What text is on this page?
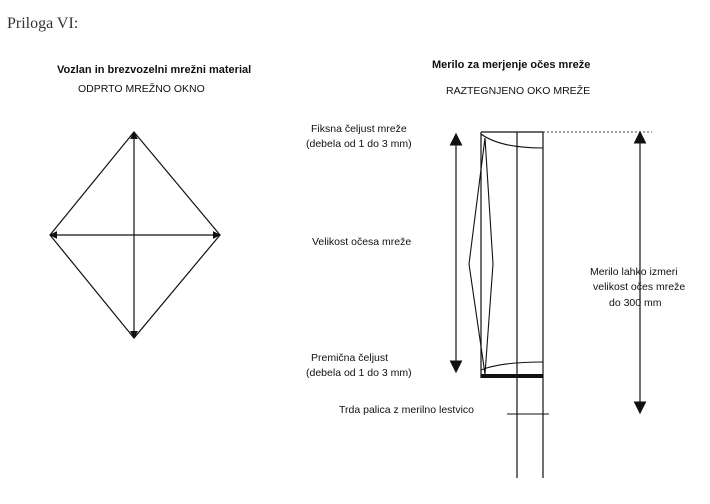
Priloga VI:
Vozlan in brezvozelni mrežni material
ODPRTO MREŽNO OKNO
Merilo za merjenje očes mreže
RAZTEGNJENO OKO MREŽE
Fiksna čeljust mreže
(debela od 1 do 3 mm)
Velikost očesa mreže
Premična čeljust
(debela od 1 do 3 mm)
Trda palica z merilno lestvico
Merilo lahko izmeri
velikost očes mreže
do 300 mm
